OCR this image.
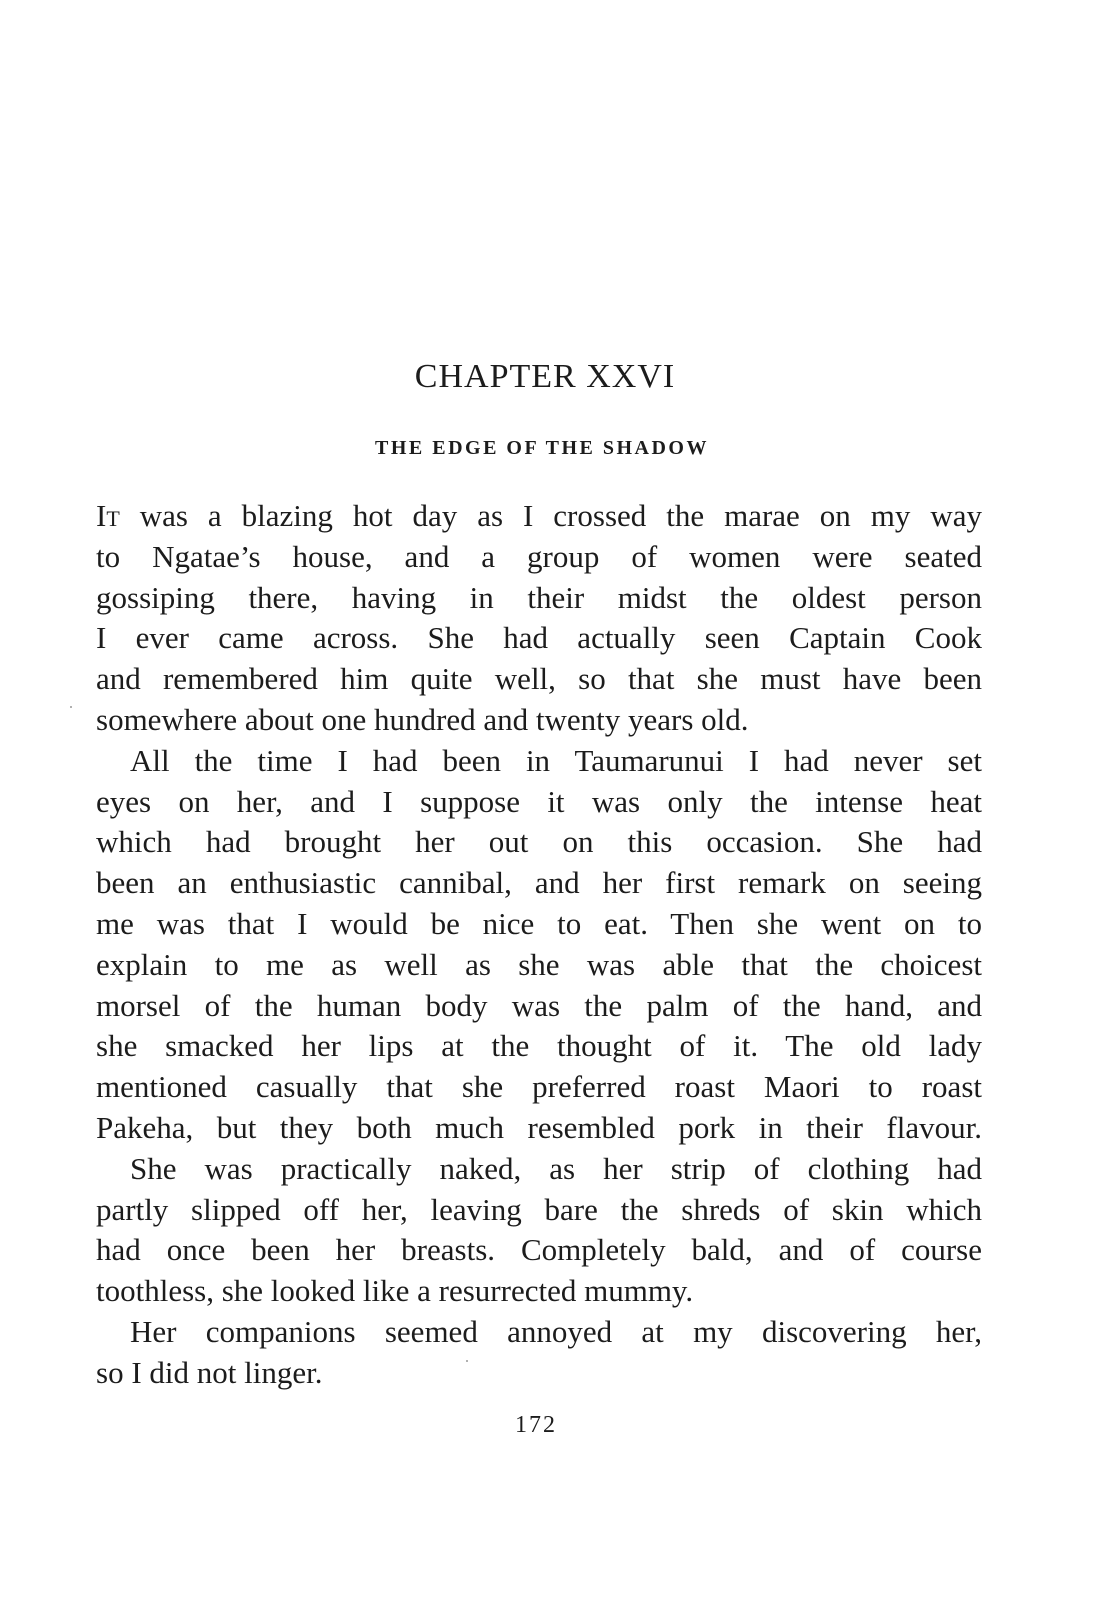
CHAPTER XXVI
THE EDGE OF THE SHADOW
It was a blazing hot day as I crossed the marae on my way
to Ngatae’s house, and a group of women were seated
gossiping there, having in their midst the oldest person
I ever came across. She had actually seen Captain Cook
and remembered him quite well, so that she must have been
somewhere about one hundred and twenty years old.
All the time I had been in Taumarunui I had never set
eyes on her, and I suppose it was only the intense heat
which had brought her out on this occasion. She had
been an enthusiastic cannibal, and her first remark on seeing
me was that I would be nice to eat. Then she went on to
explain to me as well as she was able that the choicest
morsel of the human body was the palm of the hand, and
she smacked her lips at the thought of it. The old lady
mentioned casually that she preferred roast Maori to roast
Pakeha, but they both much resembled pork in their flavour.
She was practically naked, as her strip of clothing had
partly slipped off her, leaving bare the shreds of skin which
had once been her breasts. Completely bald, and of course
toothless, she looked like a resurrected mummy.
Her companions seemed annoyed at my discovering her,
so I did not linger.
172
